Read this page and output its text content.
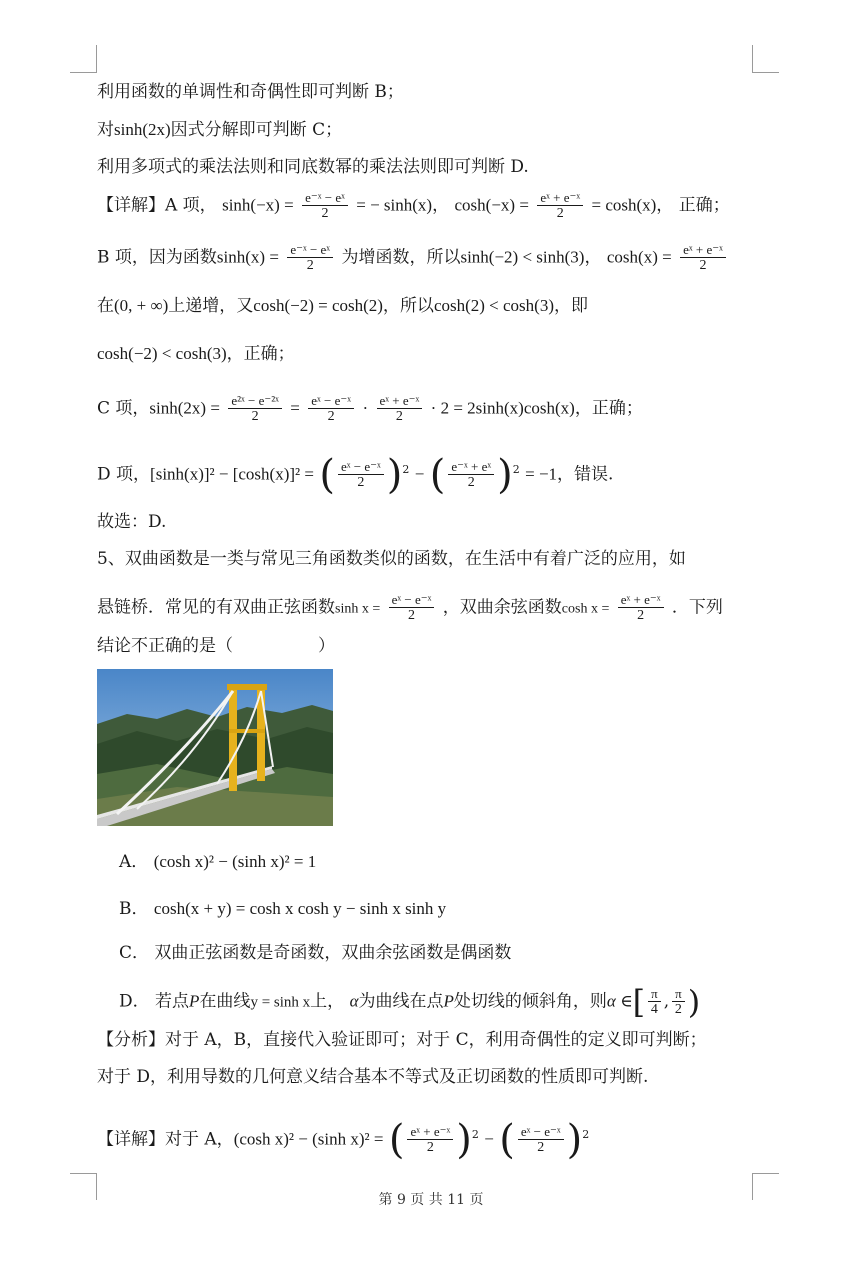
利用函数的单调性和奇偶性即可判断 B；
对sinh(2x)因式分解即可判断 C；
利用多项式的乘法法则和同底数幂的乘法法则即可判断 D.
【详解】A 项， $\sinh(-x) = \frac{\text{e⁻ˣ − eˣ}}{2}$ = − sinh(x)， $\cosh(-x) = \frac{\text{eˣ + e⁻ˣ}}{2} = \cosh(x)$， 正确；
B 项，因为函数$\sinh(x) = \frac{\text{e⁻ˣ − eˣ}}{2}$ 为增函数，所以sinh(−2) < sinh(3)， $\cosh(x) = \frac{\text{eˣ + e⁻ˣ}}{2}$
在(0, + ∞)上递增，又cosh(−2) = cosh(2)，所以cosh(2) < cosh(3)，即
cosh(−2) < cosh(3)，正确；
C 项，$\sinh(2x) = \frac{\text{e²ˣ − e⁻²ˣ}}{2} = \frac{\text{eˣ − e⁻ˣ}}{2} \cdot \frac{\text{eˣ + e⁻ˣ}}{2} \cdot 2 = 2\sinh(x)\cosh(x)$，正确；
D 项，[sinh(x)]² − [cosh(x)]² = ( $\frac{\text{eˣ − e⁻ˣ}}{2} )^2$ − ( $\frac{\text{e⁻ˣ + eˣ}}{2} )^2 = -1$，错误.
故选：D.
5、双曲函数是一类与常见三角函数类似的函数，在生活中有着广泛的应用，如
悬链桥．常见的有双曲正弦函数$\sinh x = \frac{\text{eˣ − e⁻ˣ}}{2}$ ，双曲余弦函数$\cosh x = \frac{\text{eˣ + e⁻ˣ}}{2}$ ．下列
结论不正确的是（　　　　　）
A． (cosh x)² − (sinh x)² = 1
B． cosh(x + y) = cosh x cosh y − sinh x sinh y
C． 双曲正弦函数是奇函数，双曲余弦函数是偶函数
D． 若点P在曲线y = sinh x上， α为曲线在点P处切线的倾斜角，则α ∈[ $\frac{\pi}{4}$ , $\frac{\pi}{2}$ )
【分析】对于 A，B，直接代入验证即可；对于 C，利用奇偶性的定义即可判断；
对于 D，利用导数的几何意义结合基本不等式及正切函数的性质即可判断.
【详解】对于 A，(cosh x)² − (sinh x)² = ( $\frac{\text{eˣ + e⁻ˣ}}{2} )^2$ − ( $\frac{\text{eˣ − e⁻ˣ}}{2} )^2$
第 9 页 共 11 页
